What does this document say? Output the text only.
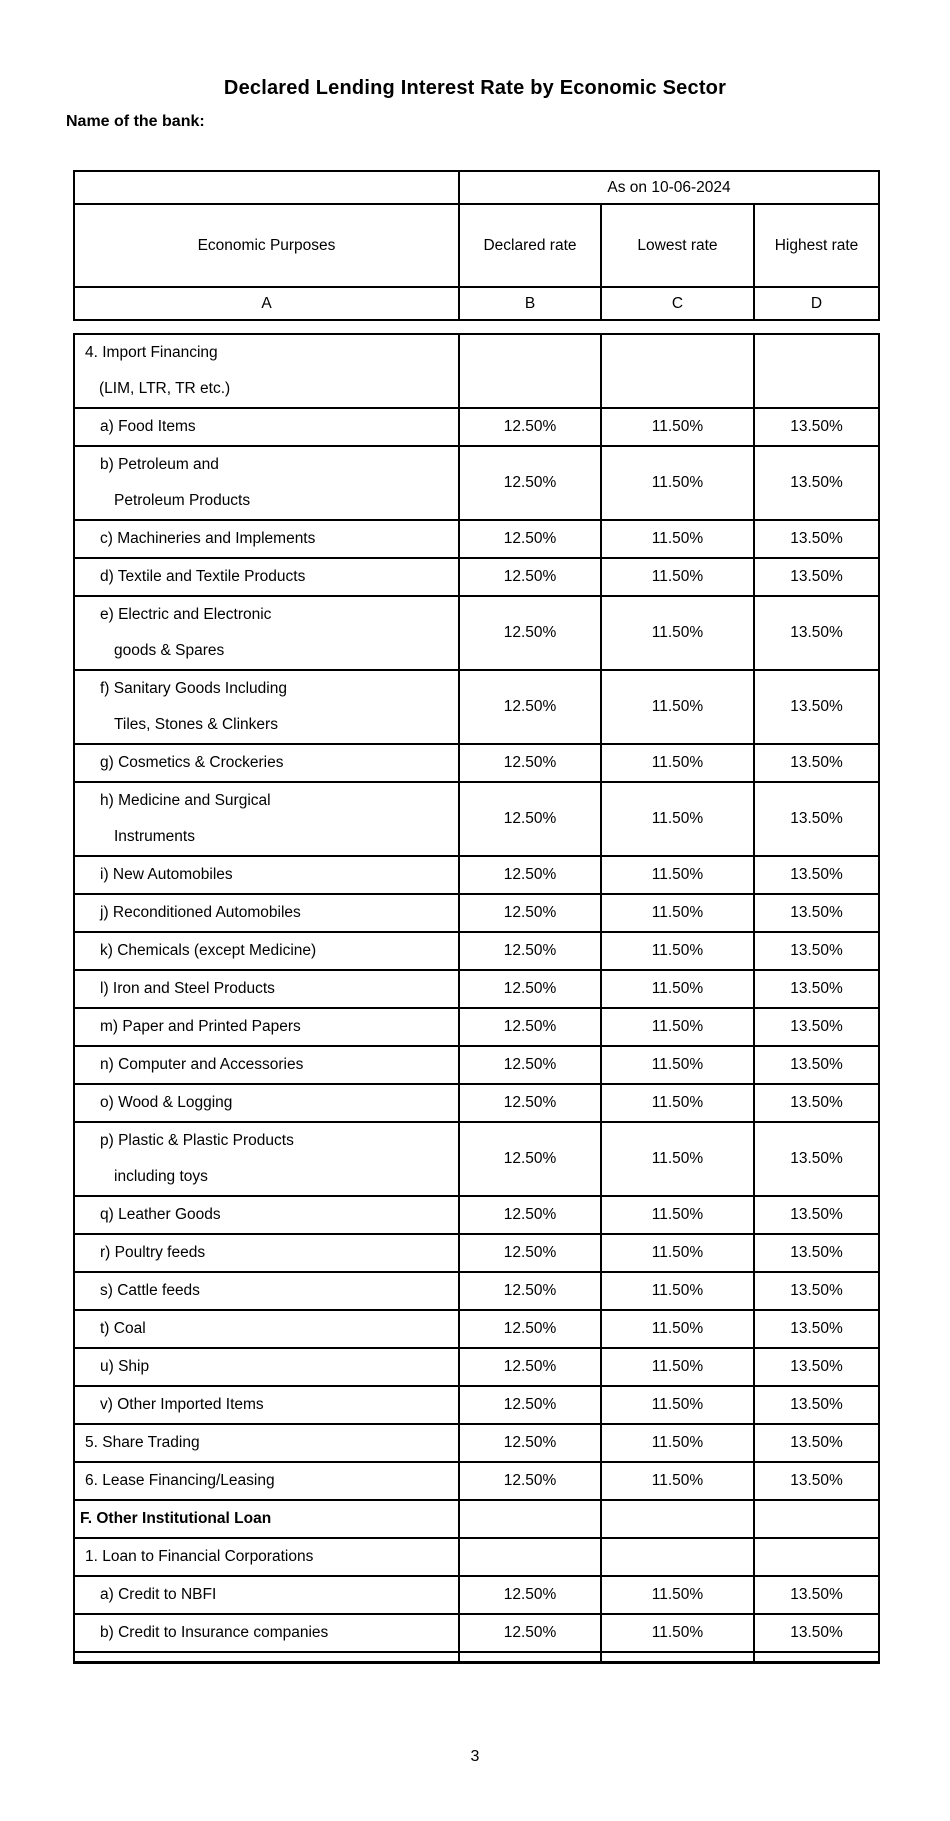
Declared Lending Interest Rate by Economic Sector
Name of the bank:
	As on 10-06-2024		
Economic Purposes	Declared rate	Lowest rate	Highest rate
A	B	C	D
4. Import Financing
(LIM, LTR, TR etc.)			

a) Food Items	12.50%	11.50%	13.50%

b) Petroleum and
Petroleum Products	12.50%	11.50%	13.50%

c) Machineries and Implements	12.50%	11.50%	13.50%

d) Textile and Textile Products	12.50%	11.50%	13.50%

e) Electric and Electronic
goods & Spares	12.50%	11.50%	13.50%

f) Sanitary Goods Including
Tiles, Stones & Clinkers	12.50%	11.50%	13.50%

g) Cosmetics & Crockeries	12.50%	11.50%	13.50%

h) Medicine and Surgical
Instruments	12.50%	11.50%	13.50%

i) New Automobiles	12.50%	11.50%	13.50%

j) Reconditioned Automobiles	12.50%	11.50%	13.50%

k) Chemicals (except Medicine)	12.50%	11.50%	13.50%

l) Iron and Steel Products	12.50%	11.50%	13.50%

m) Paper and Printed Papers	12.50%	11.50%	13.50%

n) Computer and Accessories	12.50%	11.50%	13.50%

o) Wood & Logging	12.50%	11.50%	13.50%

p) Plastic & Plastic Products
including toys	12.50%	11.50%	13.50%

q) Leather Goods	12.50%	11.50%	13.50%

r) Poultry feeds	12.50%	11.50%	13.50%

s) Cattle feeds	12.50%	11.50%	13.50%

t) Coal	12.50%	11.50%	13.50%

u) Ship	12.50%	11.50%	13.50%

v) Other Imported Items	12.50%	11.50%	13.50%

5. Share Trading	12.50%	11.50%	13.50%

6. Lease Financing/Leasing	12.50%	11.50%	13.50%

F. Other Institutional Loan			

1. Loan to Financial Corporations			

a) Credit to NBFI	12.50%	11.50%	13.50%

b) Credit to Insurance companies	12.50%	11.50%	13.50%

3
